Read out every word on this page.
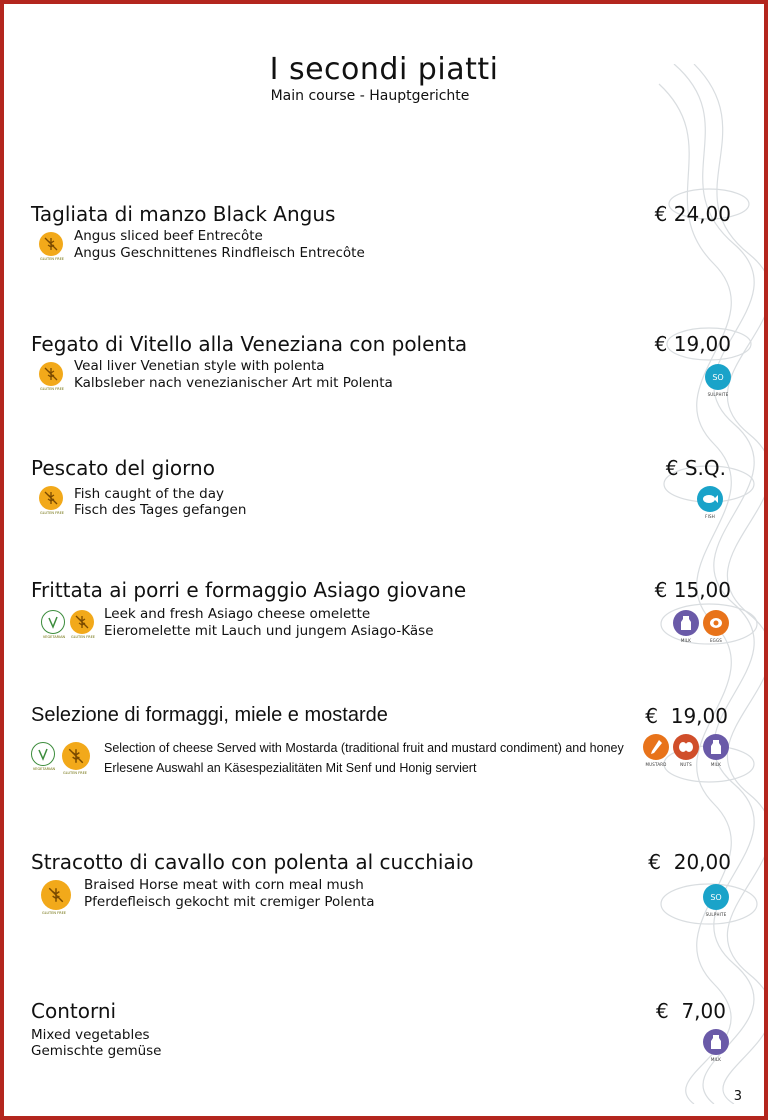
I secondi piatti
Main course - Hauptgerichte
Tagliata di manzo Black Angus	€ 24,00
GLUTEN FREE
Angus sliced beef Entrecôte
Angus Geschnittenes Rindfleisch Entrecôte
Fegato di Vitello alla Veneziana con polenta	€ 19,00
GLUTEN FREE
Veal liver Venetian style with polenta
Kalbsleber nach venezianischer Art mit Polenta	SO
SULPHITE
Pescato del giorno	€ S.Q.
GLUTEN FREE
Fish caught of the day
Fisch des Tages gefangen	FISH
Frittata ai porri e formaggio Asiago giovane	€ 15,00
VEGETARIAN	GLUTEN FREE
Leek and fresh Asiago cheese omelette
Eieromelette mit Lauch und jungem Asiago-Käse
MILK	EGGS
Selezione di formaggi, miele e mostarde	€  19,00
VEGETARIAN
GLUTEN FREE
Selection of cheese Served with Mostarda (traditional fruit and mustard condiment) and honey
Erlesene Auswahl an Käsespezialitäten Mit Senf und Honig serviert	MUSTARD	NUTS	MILK
Stracotto di cavallo con polenta al cucchiaio	€  20,00
GLUTEN FREE
Braised Horse meat with corn meal mush
Pferdefleisch gekocht mit cremiger Polenta	SO
SULPHITE
Contorni	€  7,00
Mixed vegetables
Gemischte gemüse
MILK
3
